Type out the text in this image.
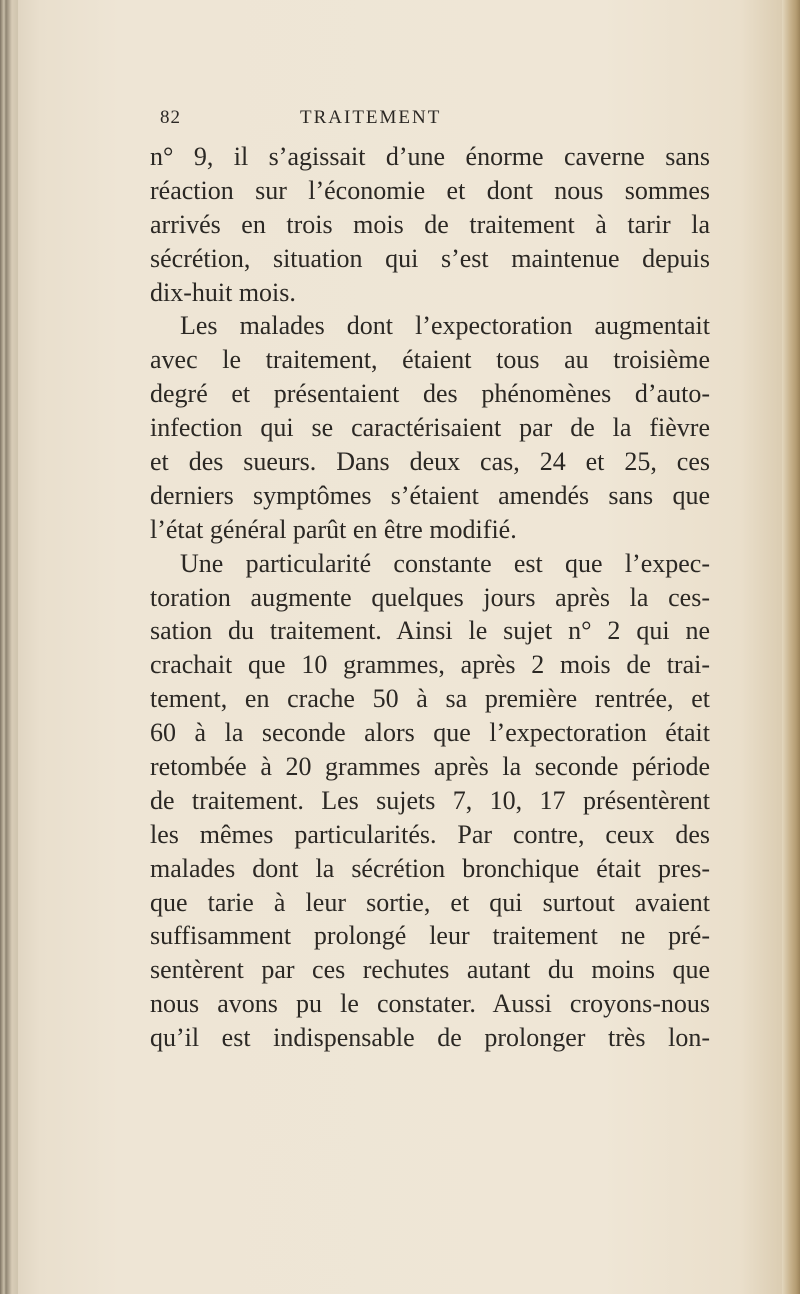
82	TRAITEMENT
n° 9, il s’agissait d’une énorme caverne sans
réaction sur l’économie et dont nous sommes
arrivés en trois mois de traitement à tarir la
sécrétion, situation qui s’est maintenue depuis
dix-huit mois.
Les malades dont l’expectoration augmentait
avec le traitement, étaient tous au troisième
degré et présentaient des phénomènes d’auto-
infection qui se caractérisaient par de la fièvre
et des sueurs. Dans deux cas, 24 et 25, ces
derniers symptômes s’étaient amendés sans que
l’état général parût en être modifié.
Une particularité constante est que l’expec-
toration augmente quelques jours après la ces-
sation du traitement. Ainsi le sujet n° 2 qui ne
crachait que 10 grammes, après 2 mois de trai-
tement, en crache 50 à sa première rentrée, et
60 à la seconde alors que l’expectoration était
retombée à 20 grammes après la seconde période
de traitement. Les sujets 7, 10, 17 présentèrent
les mêmes particularités. Par contre, ceux des
malades dont la sécrétion bronchique était pres-
que tarie à leur sortie, et qui surtout avaient
suffisamment prolongé leur traitement ne pré-
sentèrent par ces rechutes autant du moins que
nous avons pu le constater. Aussi croyons-nous
qu’il est indispensable de prolonger très lon-
